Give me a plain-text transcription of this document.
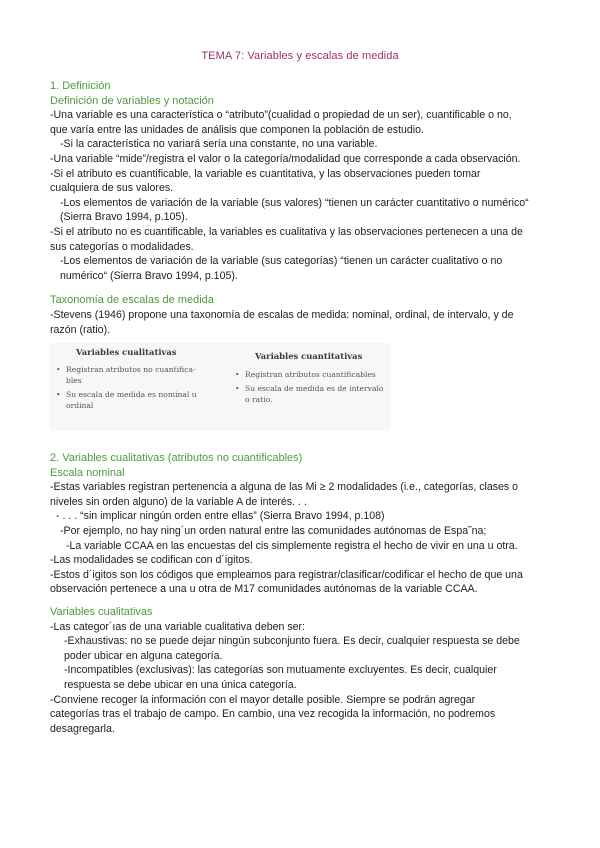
TEMA 7: Variables y escalas de medida
1. Definición
Definición de variables y notación
-Una variable es una característica o “atributo”(cualidad o propiedad de un ser), cuantificable o no,
que varía entre las unidades de análisis que componen la población de estudio.
-Si la característica no variará sería una constante, no una variable.
-Una variable “mide”/registra el valor o la categoría/modalidad que corresponde a cada observación.
-Si el atributo es cuantificable, la variable es cuantitativa, y las observaciones pueden tomar
cualquiera de sus valores.
-Los elementos de variación de la variable (sus valores) “tienen un carácter cuantitativo o numérico“
(Sierra Bravo 1994, p.105).
-Si el atributo no es cuantificable, la variables es cualitativa y las observaciones pertenecen a una de
sus categorías o modalidades.
-Los elementos de variación de la variable (sus categorías) “tienen un carácter cualitativo o no
numérico“ (Sierra Bravo 1994, p.105).
Taxonomía de escalas de medida
-Stevens (1946) propone una taxonomía de escalas de medida: nominal, ordinal, de intervalo, y de
razón (ratio).
Variables cualitativas
• Registran atributos no cuantifica-
bles
• Su escala de medida es nominal u
ordinal
Variables cuantitativas
• Registran atributos cuantificables
• Su escala de medida es de intervalo
o ratio.
2. Variables cualitativas (atributos no cuantificables)
Escala nominal
-Estas variables registran pertenencia a alguna de las Mi ≥ 2 modalidades (i.e., categorías, clases o
niveles sin orden alguno) de la variable A de interés. . .
- . . . “sin implicar ningún orden entre ellas” (Sierra Bravo 1994, p.108)
-Por ejemplo, no hay ning´un orden natural entre las comunidades autónomas de Espa˜na;
-La variable CCAA en las encuestas del cis simplemente registra el hecho de vivir en una u otra.
-Las modalidades se codifican con d´igitos.
-Estos d´igitos son los códigos que empleamos para registrar/clasificar/codificar el hecho de que una
observación pertenece a una u otra de M17 comunidades autónomas de la variable CCAA.
Variables cualitativas
-Las categor´ıas de una variable cualitativa deben ser:
-Exhaustivas: no se puede dejar ningún subconjunto fuera. Es decir, cualquier respuesta se debe
poder ubicar en alguna categoría.
-Incompatibles (exclusivas): las categorías son mutuamente excluyentes. Es decir, cualquier
respuesta se debe ubicar en una única categoría.
-Conviene recoger la información con el mayor detalle posible. Siempre se podrán agregar
categorías tras el trabajo de campo. En cambio, una vez recogida la información, no podremos
desagregarla.
